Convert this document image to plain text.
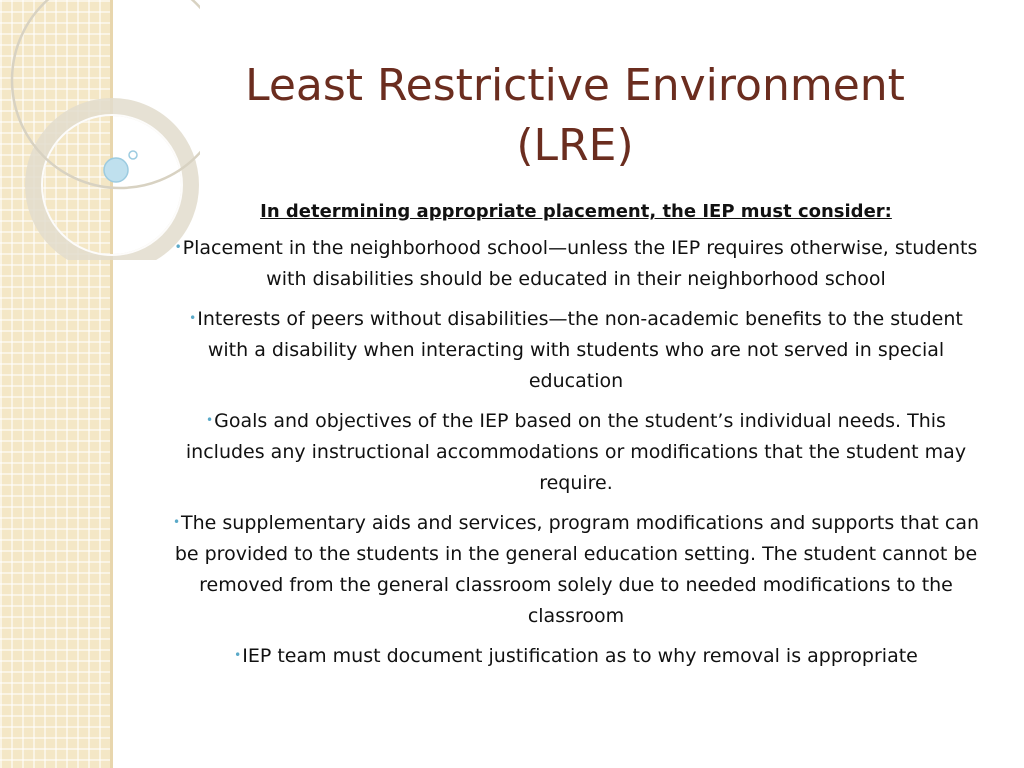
Least Restrictive Environment
(LRE)

In determining appropriate placement, the IEP must consider:

•Placement in the neighborhood school—unless the IEP requires otherwise, students with disabilities should be educated in their neighborhood school

•Interests of peers without disabilities—the non-academic benefits to the student with a disability when interacting with students who are not served in special education

•Goals and objectives of the IEP based on the student’s individual needs. This includes any instructional accommodations or modifications that the student may require.

•The supplementary aids and services, program modifications and supports that can be provided to the students in the general education setting. The student cannot be removed from the general classroom solely due to needed modifications to the classroom

•IEP team must document justification as to why removal is appropriate
